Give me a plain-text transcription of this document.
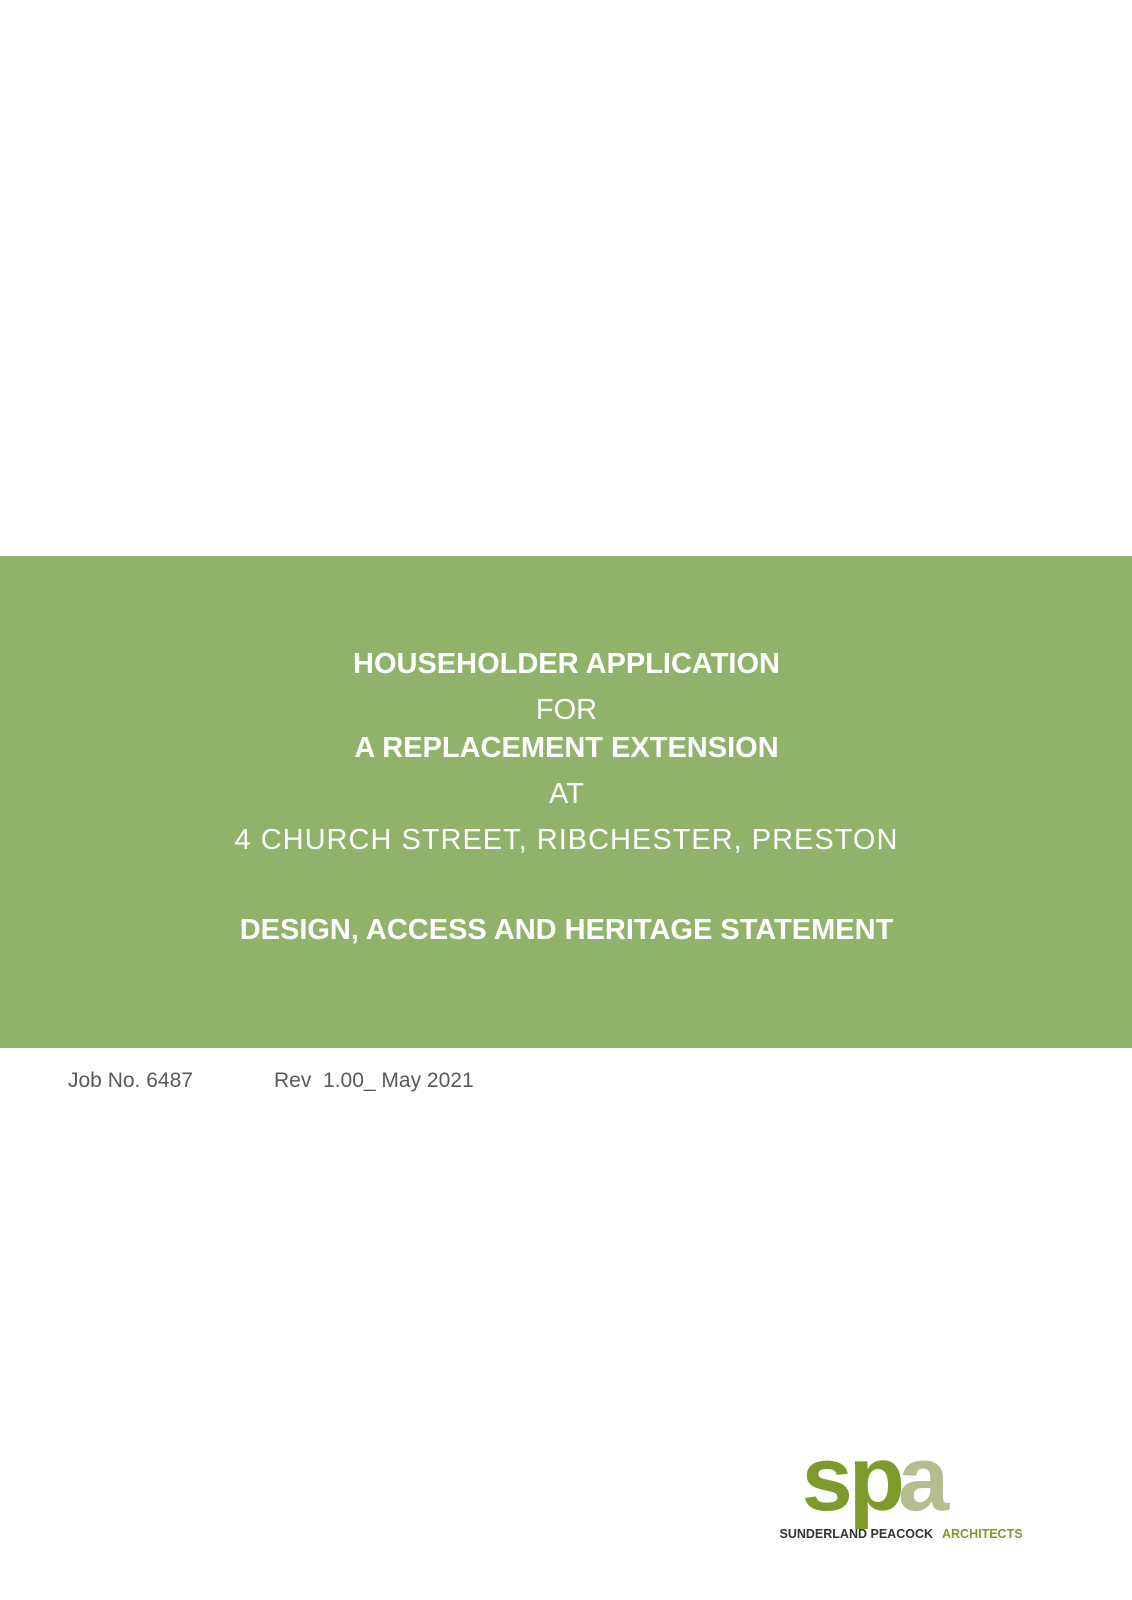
HOUSEHOLDER APPLICATION
FOR
A REPLACEMENT EXTENSION
AT
4 CHURCH STREET, RIBCHESTER, PRESTON
DESIGN, ACCESS AND HERITAGE STATEMENT
Job No. 6487	Rev  1.00_ May 2021
sp
a
SUNDERLAND PEACOCK ARCHITECTS
